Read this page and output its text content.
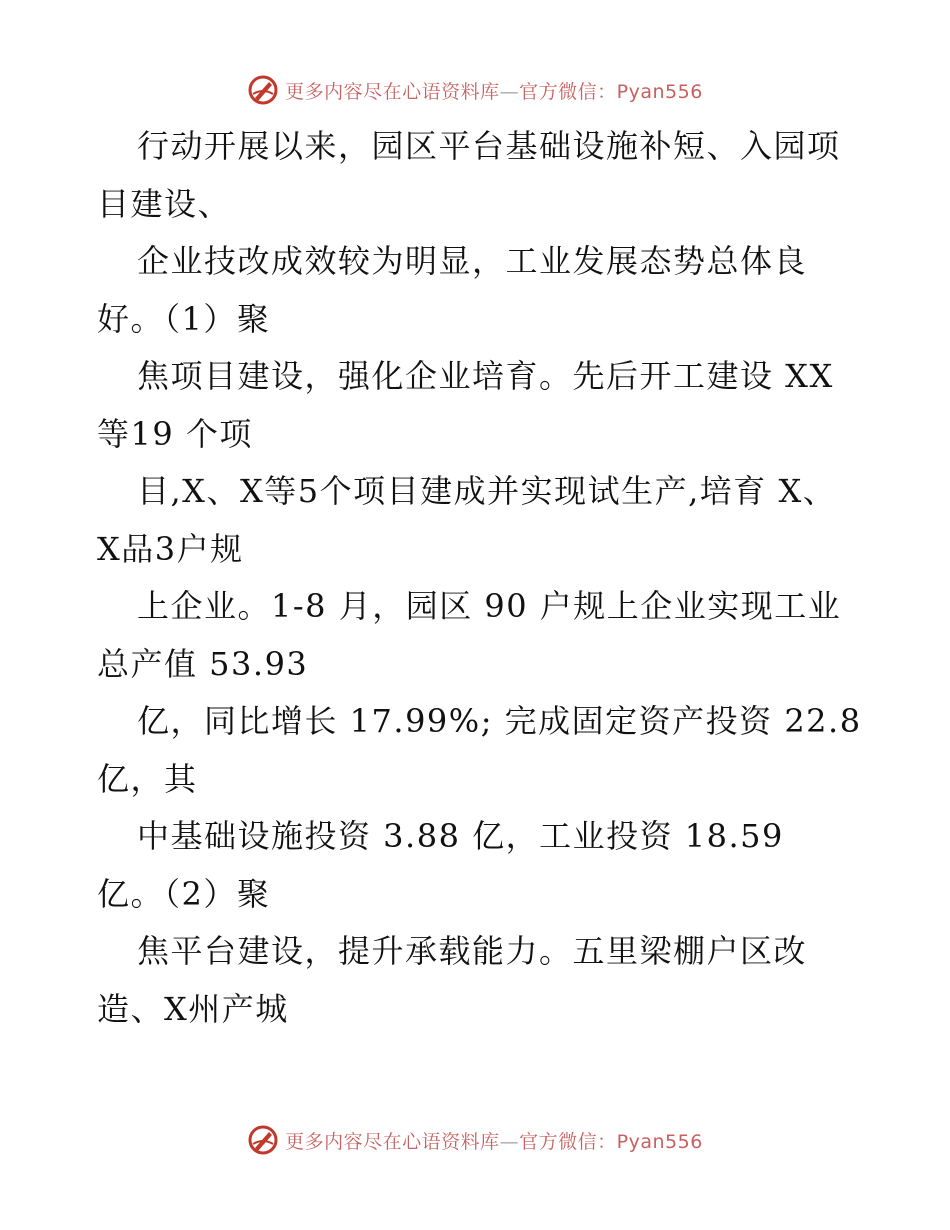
更多内容尽在心语资料库—官方微信：Pyan556
行动开展以来，园区平台基础设施补短、入园项
目建设、
企业技改成效较为明显，工业发展态势总体良
好。（1）聚
焦项目建设，强化企业培育。先后开工建设 XX
等19 个项
目,X、X等5个项目建成并实现试生产,培育 X、
X品3户规
上企业。1-8 月，园区 90 户规上企业实现工业
总产值 53.93
亿，同比增长 17.99%; 完成固定资产投资 22.8
亿，其
中基础设施投资 3.88 亿，工业投资 18.59
亿。（2）聚
焦平台建设，提升承载能力。五里梁棚户区改
造、X州产城
更多内容尽在心语资料库—官方微信：Pyan556
